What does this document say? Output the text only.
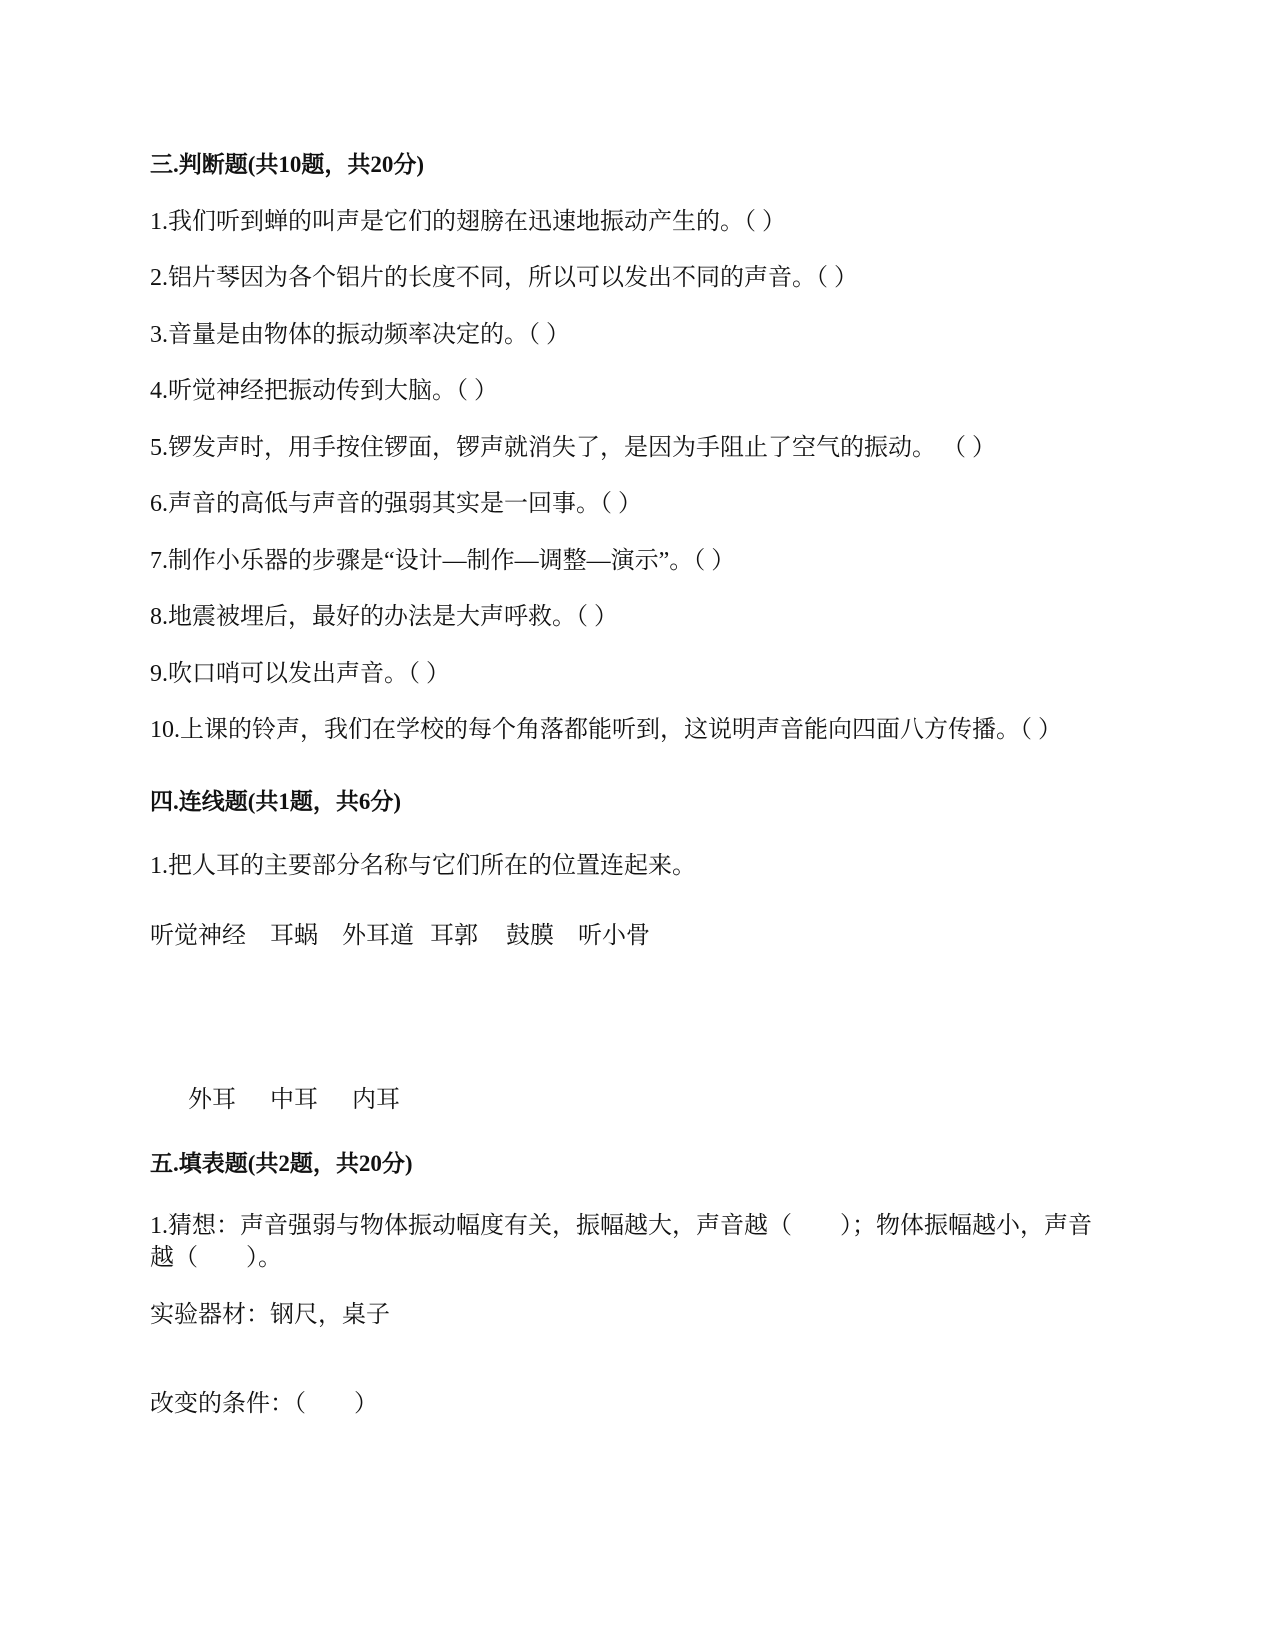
三.判断题(共10题，共20分)
1.我们听到蝉的叫声是它们的翅膀在迅速地振动产生的。（ ）
2.铝片琴因为各个铝片的长度不同，所以可以发出不同的声音。（ ）
3.音量是由物体的振动频率决定的。（ ）
4.听觉神经把振动传到大脑。（ ）
5.锣发声时，用手按住锣面，锣声就消失了，是因为手阻止了空气的振动。 （ ）
6.声音的高低与声音的强弱其实是一回事。（ ）
7.制作小乐器的步骤是“设计—制作—调整—演示”。（ ）
8.地震被埋后，最好的办法是大声呼救。（ ）
9.吹口哨可以发出声音。（ ）
10.上课的铃声，我们在学校的每个角落都能听到，这说明声音能向四面八方传播。（ ）
四.连线题(共1题，共6分)
1.把人耳的主要部分名称与它们所在的位置连起来。
听觉神经 耳蜗 外耳道 耳郭 鼓膜 听小骨
外耳 中耳 内耳
五.填表题(共2题，共20分)
1.猜想：声音强弱与物体振动幅度有关，振幅越大，声音越（　　）；物体振幅越小，声音越（　　）。
实验器材：钢尺，桌子
改变的条件：（　　）
